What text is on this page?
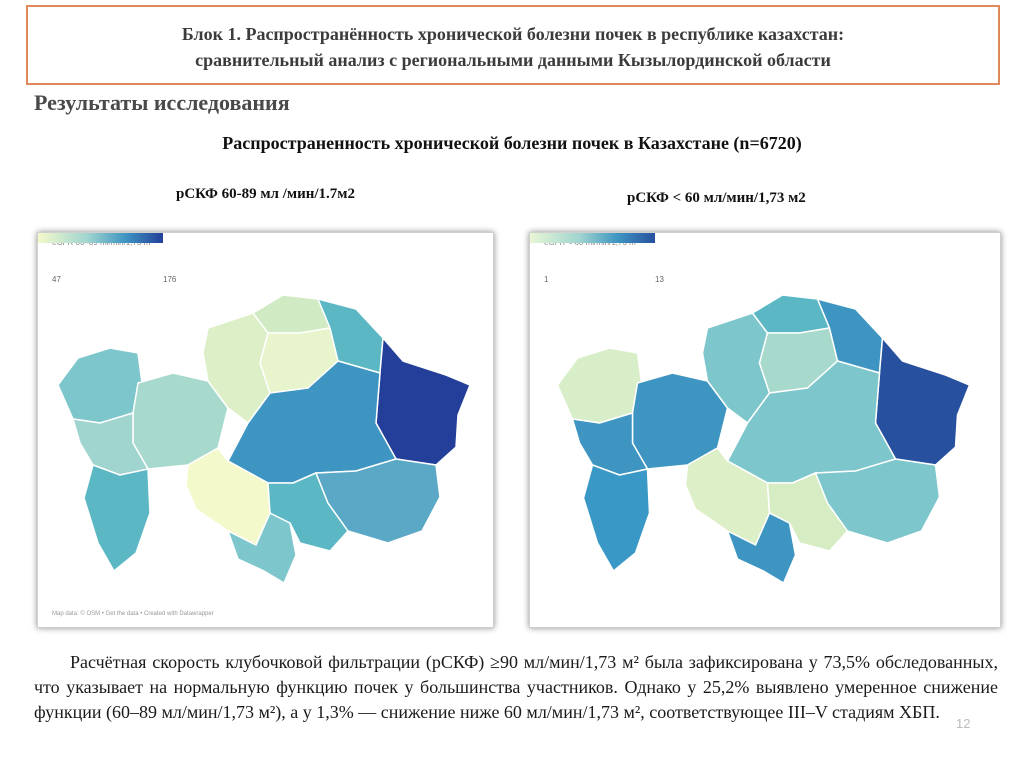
Блок 1. Распространённость хронической болезни почек в республике казахстан:
сравнительный анализ с региональными данными Кызылординской области
Результаты исследования
Распространенность хронической болезни почек в Казахстане (n=6720)
рСКФ 60-89 мл /мин/1.7м2	рСКФ < 60 мл/мин/1,73 м2
47	176
Map data: © OSM • Get the data • Created with Datawrapper
1	13
Расчётная скорость клубочковой фильтрации (рСКФ) ≥90 мл/мин/1,73 м² была зафиксирована у 73,5% обследованных, что указывает на нормальную функцию почек у большинства участников. Однако у 25,2% выявлено умеренное снижение функции (60–89 мл/мин/1,73 м²), а у 1,3% — снижение ниже 60 мл/мин/1,73 м², соответствующее III–V стадиям ХБП.
12
